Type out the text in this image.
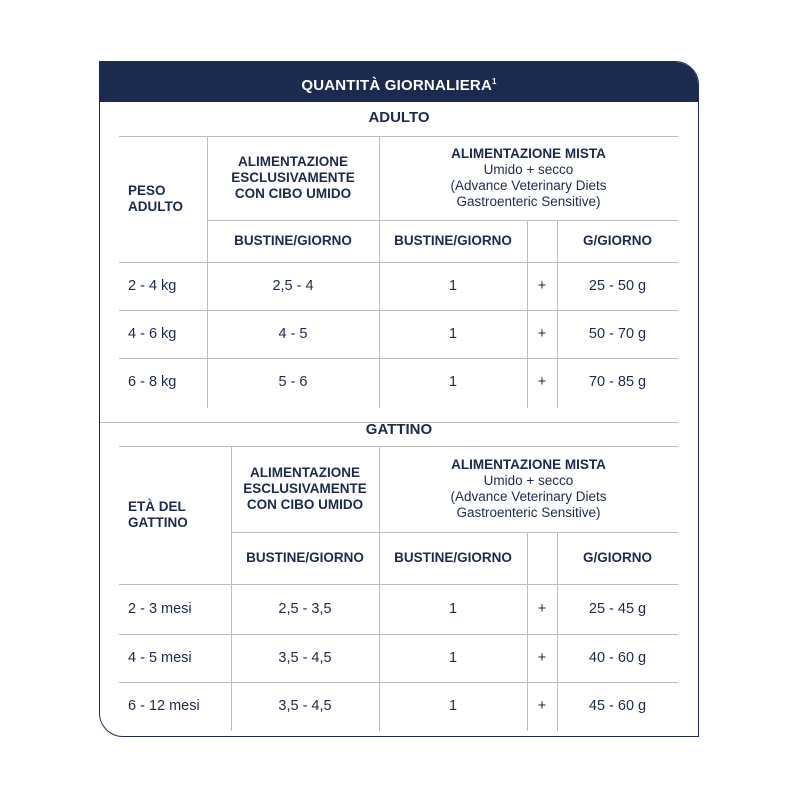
QUANTITÀ GIORNALIERA$^1$
ADULTO
PESO ADULTO
ALIMENTAZIONE ESCLUSIVAMENTE CON CIBO UMIDO
ALIMENTAZIONE MISTA
Umido + secco
(Advance Veterinary Diets
Gastroenteric Sensitive)
BUSTINE/GIORNO	BUSTINE/GIORNO	G/GIORNO
2 - 4 kg	2,5 - 4	1	+	25 - 50 g
4 - 6 kg	4 - 5	1	+	50 - 70 g
6 - 8 kg	5 - 6	1	+	70 - 85 g
GATTINO
ETÀ DEL GATTINO
ALIMENTAZIONE ESCLUSIVAMENTE CON CIBO UMIDO
ALIMENTAZIONE MISTA
Umido + secco
(Advance Veterinary Diets
Gastroenteric Sensitive)
BUSTINE/GIORNO	BUSTINE/GIORNO	G/GIORNO
2 - 3 mesi	2,5 - 3,5	1	+	25 - 45 g
4 - 5 mesi	3,5 - 4,5	1	+	40 - 60 g
6 - 12 mesi	3,5 - 4,5	1	+	45 - 60 g
